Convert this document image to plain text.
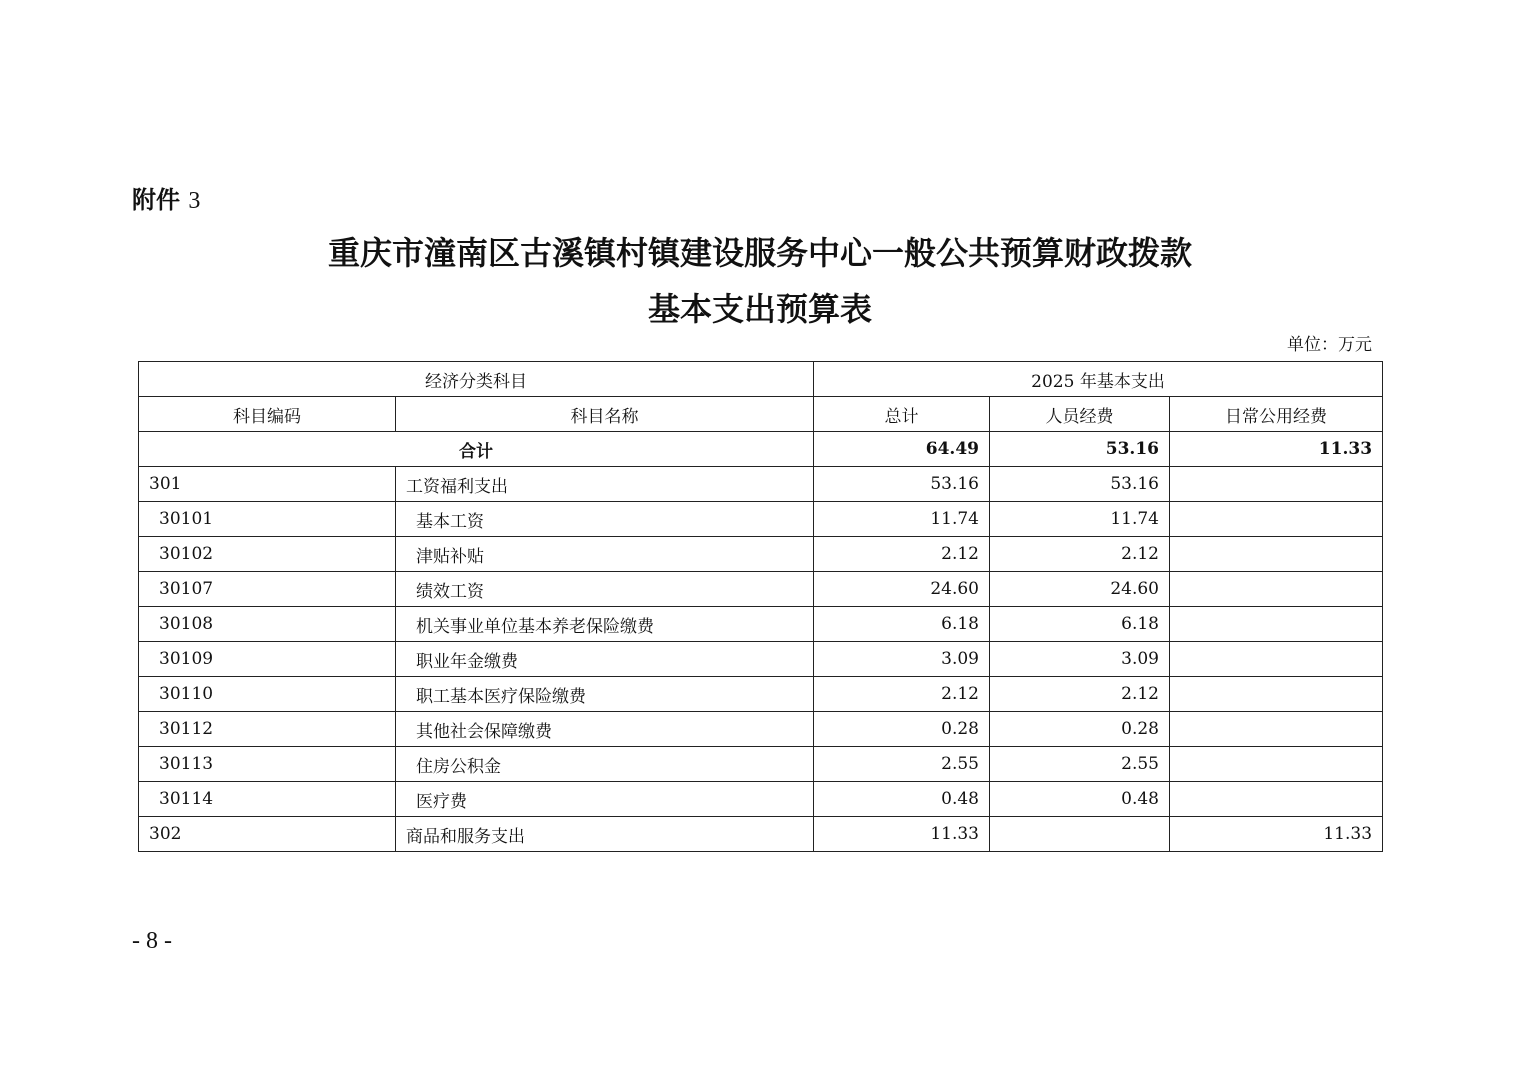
附件 3
重庆市潼南区古溪镇村镇建设服务中心一般公共预算财政拨款
基本支出预算表
单位：万元
经济分类科目		2025 年基本支出		
科目编码	科目名称	总计	人员经费	日常公用经费
合计		64.49	53.16	11.33
301	工资福利支出	53.16	53.16	
30101	基本工资	11.74	11.74	
30102	津贴补贴	2.12	2.12	
30107	绩效工资	24.60	24.60	
30108	机关事业单位基本养老保险缴费	6.18	6.18	
30109	职业年金缴费	3.09	3.09	
30110	职工基本医疗保险缴费	2.12	2.12	
30112	其他社会保障缴费	0.28	0.28	
30113	住房公积金	2.55	2.55	
30114	医疗费	0.48	0.48	
302	商品和服务支出	11.33		11.33
- 8 -
